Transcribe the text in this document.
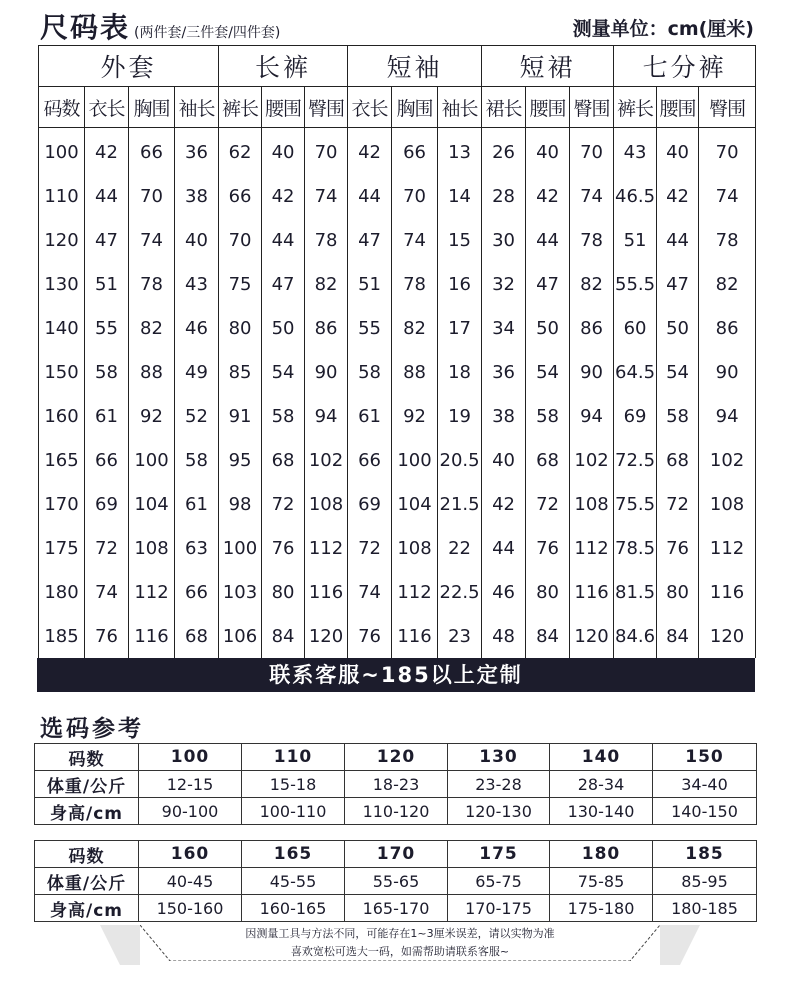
尺码表 (两件套/三件套/四件套)	测量单位：cm(厘米)
外套				长裤			短袖			短裙			七分裤		
码数	衣长	胸围	袖长	裤长	腰围	臀围	衣长	胸围	袖长	裙长	腰围	臀围	裤长	腰围	臀围

100	42	66	36	62	40	70	42	66	13	26	40	70	43	40	70
110	44	70	38	66	42	74	44	70	14	28	42	74	46.5	42	74
120	47	74	40	70	44	78	47	74	15	30	44	78	51	44	78
130	51	78	43	75	47	82	51	78	16	32	47	82	55.5	47	82
140	55	82	46	80	50	86	55	82	17	34	50	86	60	50	86
150	58	88	49	85	54	90	58	88	18	36	54	90	64.5	54	90
160	61	92	52	91	58	94	61	92	19	38	58	94	69	58	94
165	66	100	58	95	68	102	66	100	20.5	40	68	102	72.5	68	102
170	69	104	61	98	72	108	69	104	21.5	42	72	108	75.5	72	108
175	72	108	63	100	76	112	72	108	22	44	76	112	78.5	76	112
180	74	112	66	103	80	116	74	112	22.5	46	80	116	81.5	80	116
185	76	116	68	106	84	120	76	116	23	48	84	120	84.6	84	120
联系客服~185以上定制
选码参考
码数	100	110	120	130	140	150
体重/公斤	12-15	15-18	18-23	23-28	28-34	34-40
身高/cm	90-100	100-110	110-120	120-130	130-140	140-150
码数	160	165	170	175	180	185
体重/公斤	40-45	45-55	55-65	65-75	75-85	85-95
身高/cm	150-160	160-165	165-170	170-175	175-180	180-185
因测量工具与方法不同，可能存在1~3厘米误差，请以实物为准
喜欢宽松可选大一码，如需帮助请联系客服~
